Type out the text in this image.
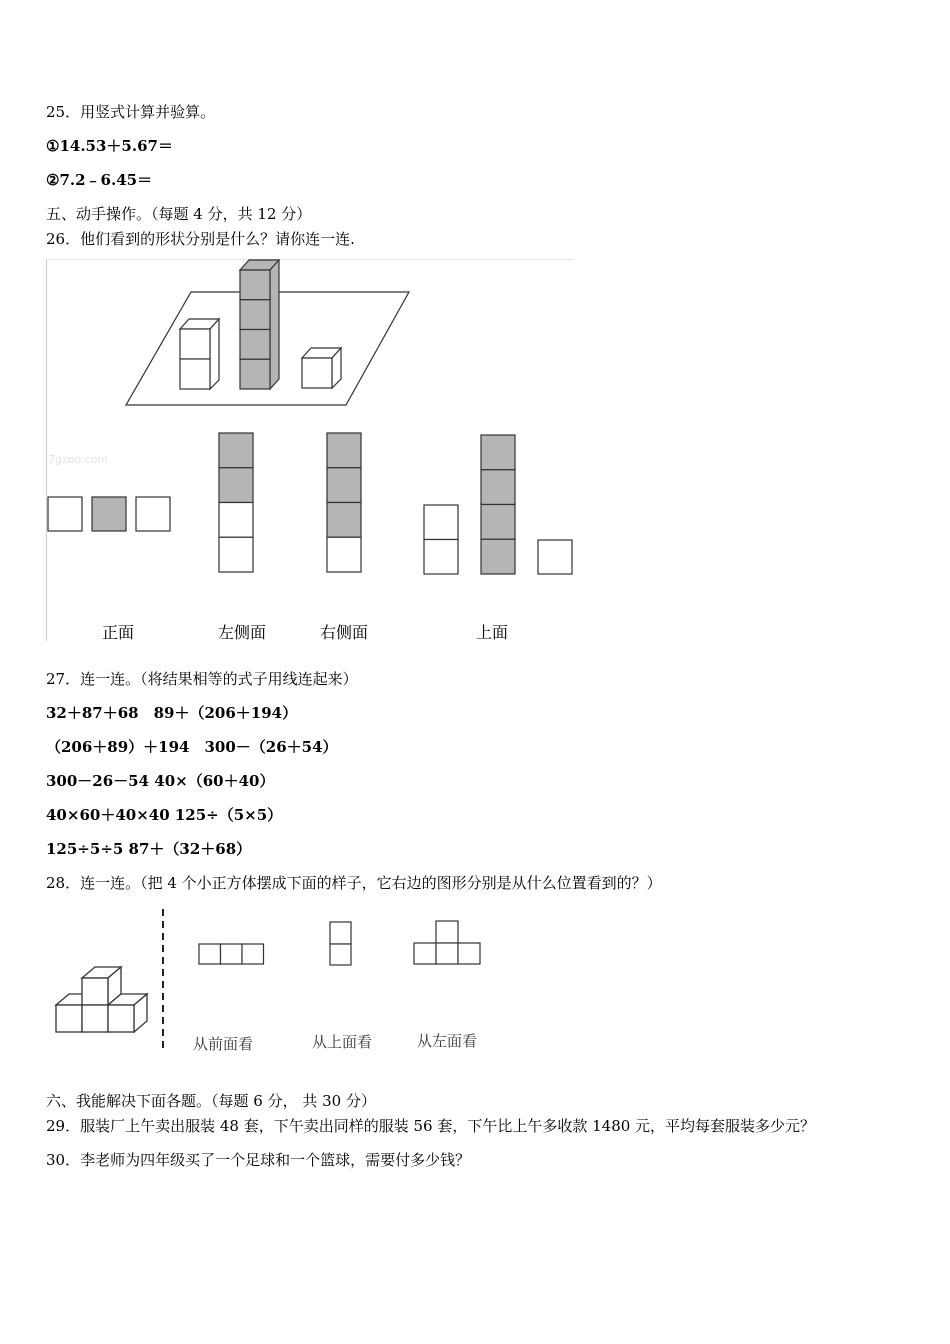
25．用竖式计算并验算。
①14.53＋5.67＝
②7.2﹣6.45＝
五、动手操作。（每题 4 分，共 12 分）
26．他们看到的形状分别是什么？请你连一连.
7gzoo.com
正面	左侧面	右侧面	上面
27．连一连。（将结果相等的式子用线连起来）
32＋87＋68　89＋（206＋194）
（206＋89）＋194　300－（26＋54）
300－26－54 40×（60＋40）
40×60＋40×40 125÷（5×5）
125÷5÷5 87＋（32＋68）
28．连一连。（把 4 个小正方体摆成下面的样子，它右边的图形分别是从什么位置看到的？）
从前面看	从上面看	从左面看
六、我能解决下面各题。（每题 6 分， 共 30 分）
29．服装厂上午卖出服装 48 套，下午卖出同样的服装 56 套，下午比上午多收款 1480 元，平均每套服装多少元？
30．李老师为四年级买了一个足球和一个篮球，需要付多少钱？
